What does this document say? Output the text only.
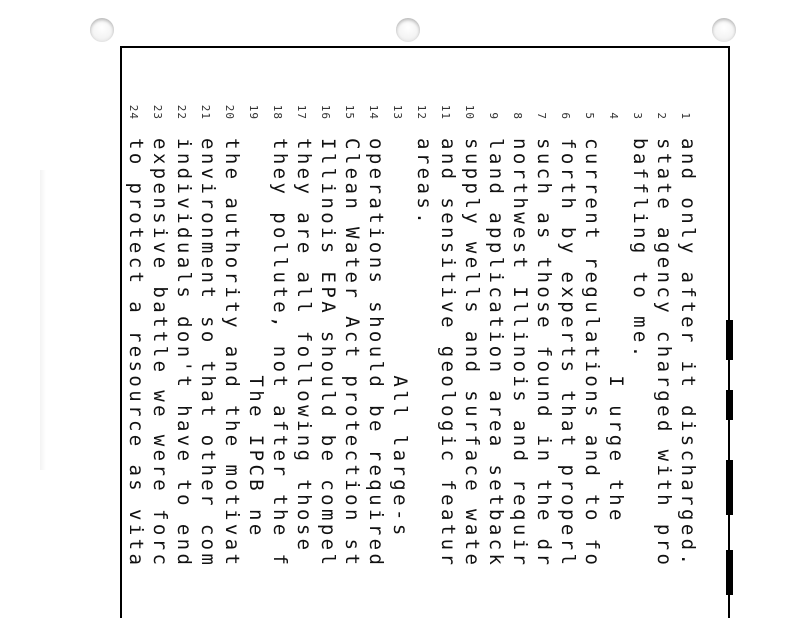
1and only after it discharged.
2state agency charged with pro
3baffling to me.
4                I urge the
5current regulations and to fo
6forth by experts that properl
7such as those found in the dr
8northwest Illinois and requir
9land application area setback
10supply wells and surface wate
11and sensitive geologic featur
12areas.
13                All large-s
14operations should be required
15Clean Water Act protection st
16Illinois EPA should be compel
17they are all following those
18they pollute, not after the f
19                The IPCB ne
20the authority and the motivat
21environment so that other com
22individuals don't have to end
23expensive battle we were forc
24to protect a resource as vita
